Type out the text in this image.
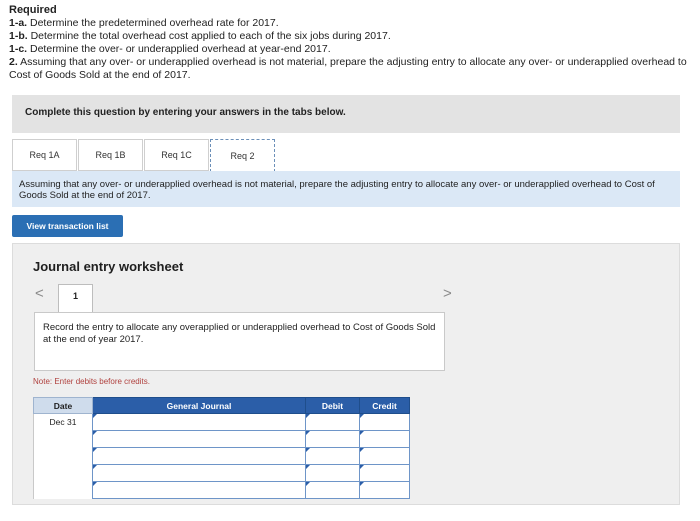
Required
1-a. Determine the predetermined overhead rate for 2017.
1-b. Determine the total overhead cost applied to each of the six jobs during 2017.
1-c. Determine the over- or underapplied overhead at year-end 2017.
2. Assuming that any over- or underapplied overhead is not material, prepare the adjusting entry to allocate any over- or underapplied overhead to Cost of Goods Sold at the end of 2017.
Complete this question by entering your answers in the tabs below.
Req 1A	Req 1B	Req 1C	Req 2
Assuming that any over- or underapplied overhead is not material, prepare the adjusting entry to allocate any over- or underapplied overhead to Cost of Goods Sold at the end of 2017.
View transaction list
Journal entry worksheet
<	1	>
Record the entry to allocate any overapplied or underapplied overhead to Cost of Goods Sold at the end of year 2017.
Note: Enter debits before credits.
Date	General Journal	Debit	Credit
Dec 31			
